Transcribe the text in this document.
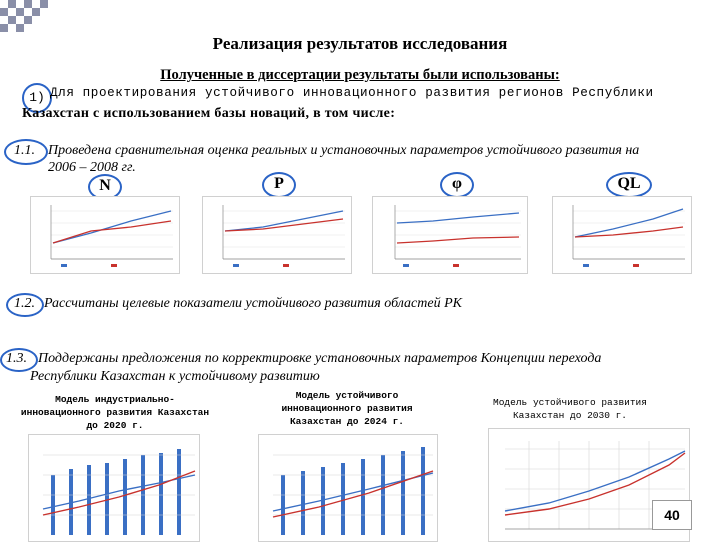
Реализация результатов исследования
Полученные в диссертации результаты были использованы:
1) Для проектирования устойчивого инновационного развития регионов Республики
Казахстан с использованием базы новаций, в том числе:
1.1. Проведена сравнительная оценка реальных и установочных параметров устойчивого развития на
2006 – 2008 гг.
N	P	φ	QL
1.2. Рассчитаны целевые показатели устойчивого развития областей РК
1.3. Поддержаны предложения по корректировке установочных параметров Концепции перехода
Республики Казахстан к устойчивому развитию
Модель индустриально-инновационного развития Казахстан до 2020 г.
Модель устойчивого инновационного развития Казахстан до 2024 г.
Модель устойчивого развития Казахстан до 2030 г.
40
